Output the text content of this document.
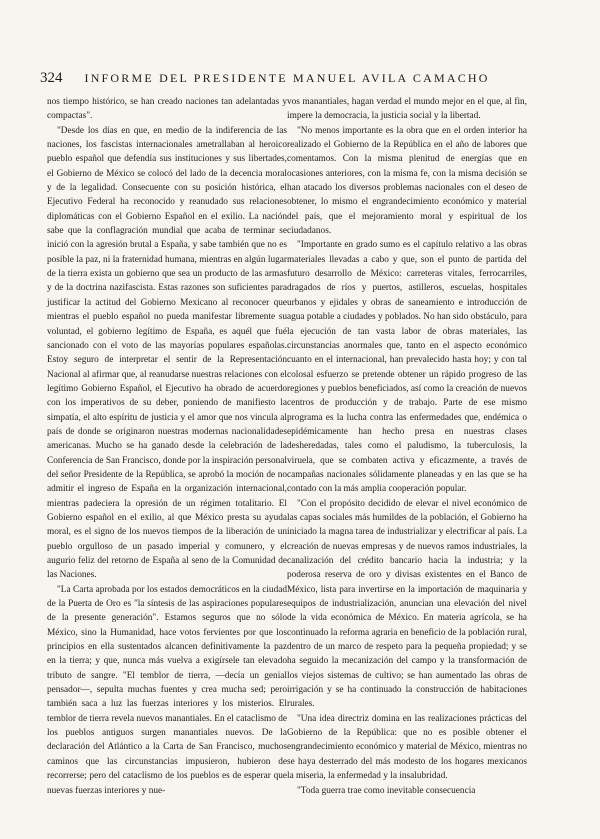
324 INFORME DEL PRESIDENTE MANUEL AVILA CAMACHO

nos tiempo histórico, se han creado naciones tan adelantadas y compactas".

"Desde los días en que, en medio de la indiferencia de las naciones, los fascistas internacionales ametrallaban al heroico pueblo español que defendía sus instituciones y sus libertades, el Gobierno de México se colocó del lado de la decencia moral y de la legalidad. Consecuente con su posición histórica, el Ejecutivo Federal ha reconocido y reanudado sus relaciones diplomáticas con el Gobierno Español en el exilio. La nación sabe que la conflagración mundial que acaba de terminar se inició con la agresión brutal a España, y sabe también que no es posible la paz, ni la fraternidad humana, mientras en algún lugar de la tierra exista un gobierno que sea un producto de las armas y de la doctrina nazifascista. Estas razones son suficientes para justificar la actitud del Gobierno Mexicano al reconocer que mientras el pueblo español no pueda manifestar libremente su voluntad, el gobierno legítimo de España, es aquél que fué sancionado con el voto de las mayorías populares españolas. Estoy seguro de interpretar el sentir de la Representación Nacional al afirmar que, al reanudarse nuestras relaciones con el legítimo Gobierno Español, el Ejecutivo ha obrado de acuerdo con los imperativos de su deber, poniendo de manifiesto la simpatía, el alto espíritu de justicia y el amor que nos vincula al país de donde se originaron nuestras modernas nacionalidades americanas. Mucho se ha ganado desde la celebración de la Conferencia de San Francisco, donde por la inspiración personal del señor Presidente de la República, se aprobó la moción de no admitir el ingreso de España en la organización internacional, mientras padeciera la opresión de un régimen totalitario. El Gobierno español en el exilio, al que México presta su ayuda moral, es el signo de los nuevos tiempos de la liberación de un pueblo orgulloso de un pasado imperial y comunero, y el augurio feliz del retorno de España al seno de la Comunidad de las Naciones.

"La Carta aprobada por los estados democráticos en la ciudad de la Puerta de Oro es "la síntesis de las aspiraciones populares de la presente generación". Estamos seguros que no sólo México, sino la Humanidad, hace votos fervientes por que los principios en ella sustentados alcancen definitivamente la paz en la tierra; y que, nunca más vuelva a exigírsele tan elevado tributo de sangre. "El temblor de tierra, —decía un genial pensador—, sepulta muchas fuentes y crea mucha sed; pero también saca a luz las fuerzas interiores y los misterios. El temblor de tierra revela nuevos manantiales. En el cataclismo de los pueblos antiguos surgen manantiales nuevos. De la declaración del Atlántico a la Carta de San Francisco, muchos caminos que las circunstancias impusieron, hubieron de recorrerse; pero del cataclismo de los pueblos es de esperar que nuevas fuerzas interiores y nue-

vos manantiales, hagan verdad el mundo mejor en el que, al fin, impere la democracia, la justicia social y la libertad.

"No menos importante es la obra que en el orden interior ha realizado el Gobierno de la República en el año de labores que comentamos. Con la misma plenitud de energías que en ocasiones anteriores, con la misma fe, con la misma decisión se han atacado los diversos problemas nacionales con el deseo de obtener, lo mismo el engrandecimiento económico y material del país, que el mejoramiento moral y espiritual de los ciudadanos.

"Importante en grado sumo es el capítulo relativo a las obras materiales llevadas a cabo y que, son el punto de partida del futuro desarrollo de México: carreteras vitales, ferrocarriles, dragados de ríos y puertos, astilleros, escuelas, hospitales urbanos y ejidales y obras de saneamiento e introducción de agua potable a ciudades y poblados. No han sido obstáculo, para la ejecución de tan vasta labor de obras materiales, las circunstancias anormales que, tanto en el aspecto económico cuanto en el internacional, han prevalecido hasta hoy; y con tal colosal esfuerzo se pretende obtener un rápido progreso de las regiones y pueblos beneficiados, así como la creación de nuevos centros de producción y de trabajo. Parte de ese mismo programa es la lucha contra las enfermedades que, endémica o epidémicamente han hecho presa en nuestras clases desheredadas, tales como el paludismo, la tuberculosis, la viruela, que se combaten activa y eficazmente, a través de campañas nacionales sólidamente planeadas y en las que se ha contado con la más amplia cooperación popular.

"Con el propósito decidido de elevar el nivel económico de las capas sociales más humildes de la población, el Gobierno ha iniciado la magna tarea de industrializar y electrificar al país. La creación de nuevas empresas y de nuevos ramos industriales, la canalización del crédito bancario hacia la industria; y la poderosa reserva de oro y divisas existentes en el Banco de México, lista para invertirse en la importación de maquinaria y equipos de industrialización, anuncian una elevación del nivel de la vida económica de México. En materia agrícola, se ha continuado la reforma agraria en beneficio de la población rural, dentro de un marco de respeto para la pequeña propiedad; y se ha seguido la mecanización del campo y la transformación de los viejos sistemas de cultivo; se han aumentado las obras de irrigación y se ha continuado la construcción de habitaciones rurales.

"Una idea directriz domina en las realizaciones prácticas del Gobierno de la República: que no es posible obtener el engrandecimiento económico y material de México, mientras no se haya desterrado del más modesto de los hogares mexicanos la miseria, la enfermedad y la insalubridad.

"Toda guerra trae como inevitable consecuencia
